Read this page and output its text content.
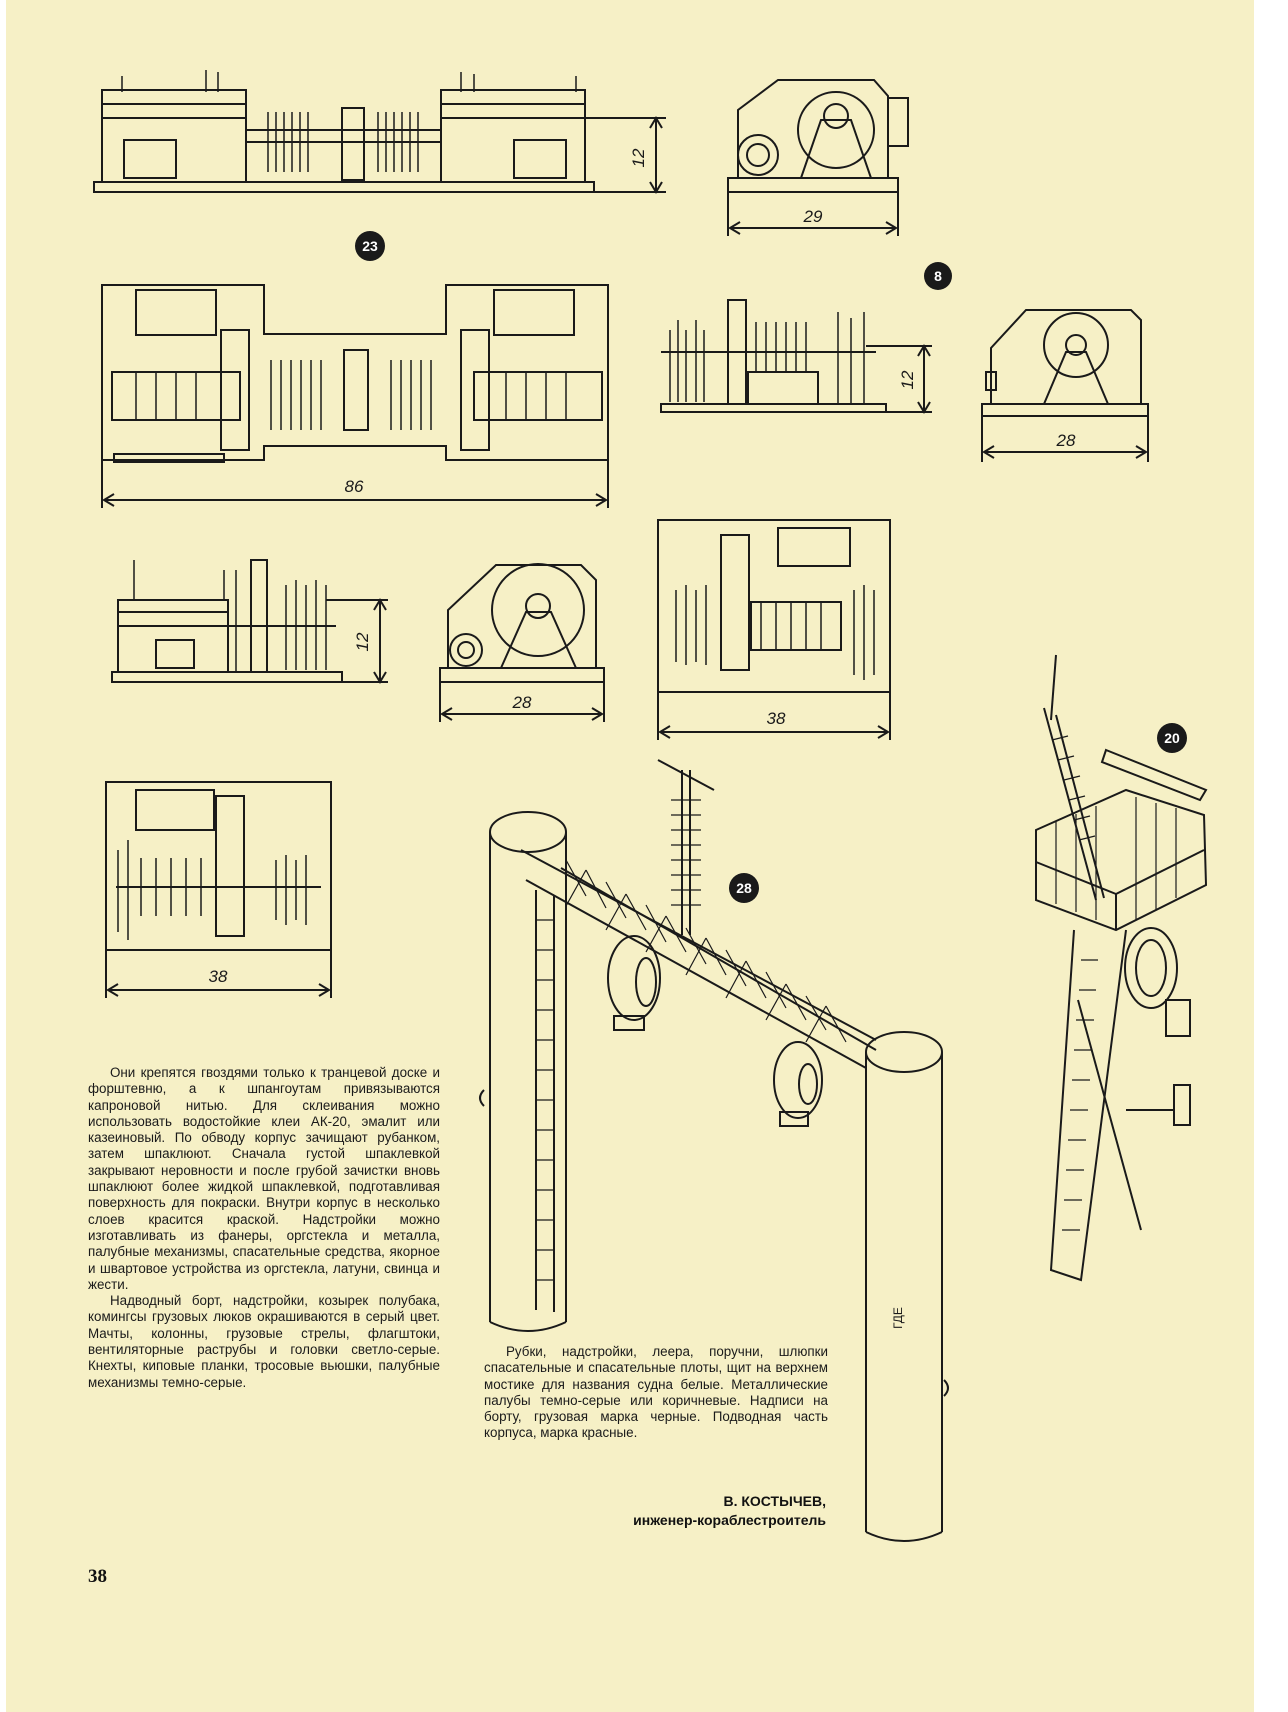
12
29
23
86
8
12
28
12
28
38
38
28
ГДЕ
20

Они крепятся гвоздями только к транцевой доске и форштевню, а к шпангоутам привязываются капроновой нитью. Для склеивания можно использовать водостойкие клеи АК-20, эмалит или казеиновый. По обводу корпус зачищают рубанком, затем шпаклюют. Сначала густой шпаклевкой закрывают неровности и после грубой зачистки вновь шпаклюют более жидкой шпаклевкой, подготавливая поверхность для покраски. Внутри корпус в несколько слоев красится краской. Надстройки можно изготавливать из фанеры, оргстекла и металла, палубные механизмы, спасательные средства, якорное и швартовое устройства из оргстекла, латуни, свинца и жести.

Надводный борт, надстройки, козырек полубака, комингсы грузовых люков окрашиваются в серый цвет. Мачты, колонны, грузовые стрелы, флагштоки, вентиляторные раструбы и головки светло-серые. Кнехты, киповые планки, тросовые вьюшки, палубные механизмы темно-серые.

Рубки, надстройки, леера, поручни, шлюпки спасательные и спасательные плоты, щит на верхнем мостике для названия судна белые. Металлические палубы темно-серые или коричневые. Надписи на борту, грузовая марка черные. Подводная часть корпуса, марка красные.

В. КОСТЫЧЕВ,
инженер-кораблестроитель
38
